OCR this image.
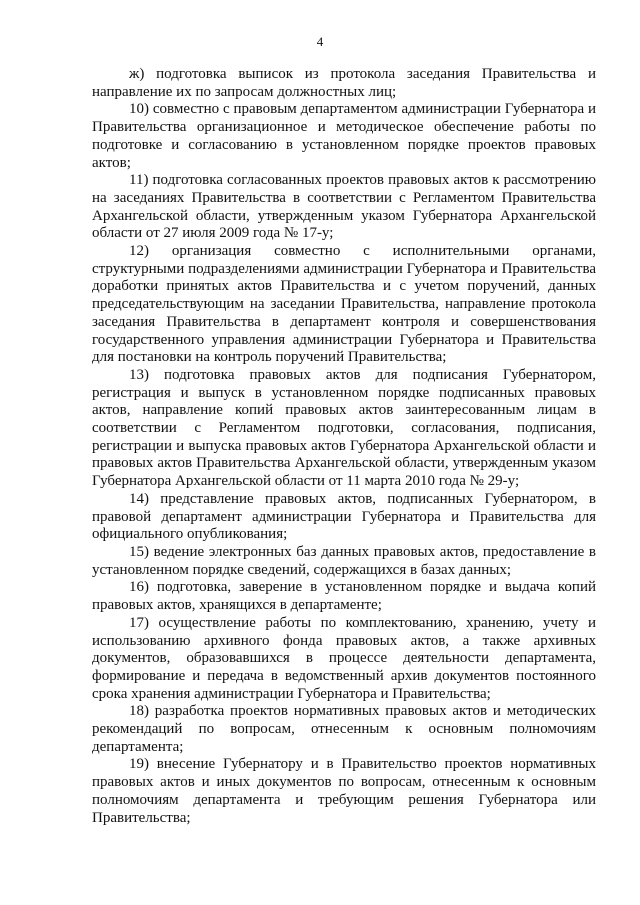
4

ж) подготовка выписок из протокола заседания Правительства и направление их по запросам должностных лиц;

10) совместно с правовым департаментом администрации Губернатора и Правительства организационное и методическое обеспечение работы по подготовке и согласованию в установленном порядке проектов правовых актов;

11) подготовка согласованных проектов правовых актов к рассмотрению на заседаниях Правительства в соответствии с Регламентом Правительства Архангельской области, утвержденным указом Губернатора Архангельской области от 27 июля 2009 года № 17-у;

12) организация совместно с исполнительными органами, структурными подразделениями администрации Губернатора и Правительства доработки принятых актов Правительства и с учетом поручений, данных председательствующим на заседании Правительства, направление протокола заседания Правительства в департамент контроля и совершенствования государственного управления администрации Губернатора и Правительства для постановки на контроль поручений Правительства;

13) подготовка правовых актов для подписания Губернатором, регистрация и выпуск в установленном порядке подписанных правовых актов, направление копий правовых актов заинтересованным лицам в соответствии с Регламентом подготовки, согласования, подписания, регистрации и выпуска правовых актов Губернатора Архангельской области и правовых актов Правительства Архангельской области, утвержденным указом Губернатора Архангельской области от 11 марта 2010 года № 29-у;

14) представление правовых актов, подписанных Губернатором, в правовой департамент администрации Губернатора и Правительства для официального опубликования;

15) ведение электронных баз данных правовых актов, предоставление в установленном порядке сведений, содержащихся в базах данных;

16) подготовка, заверение в установленном порядке и выдача копий правовых актов, хранящихся в департаменте;

17) осуществление работы по комплектованию, хранению, учету и использованию архивного фонда правовых актов, а также архивных документов, образовавшихся в процессе деятельности департамента, формирование и передача в ведомственный архив документов постоянного срока хранения администрации Губернатора и Правительства;

18) разработка проектов нормативных правовых актов и методических рекомендаций по вопросам, отнесенным к основным полномочиям департамента;

19) внесение Губернатору и в Правительство проектов нормативных правовых актов и иных документов по вопросам, отнесенным к основным полномочиям департамента и требующим решения Губернатора или Правительства;
